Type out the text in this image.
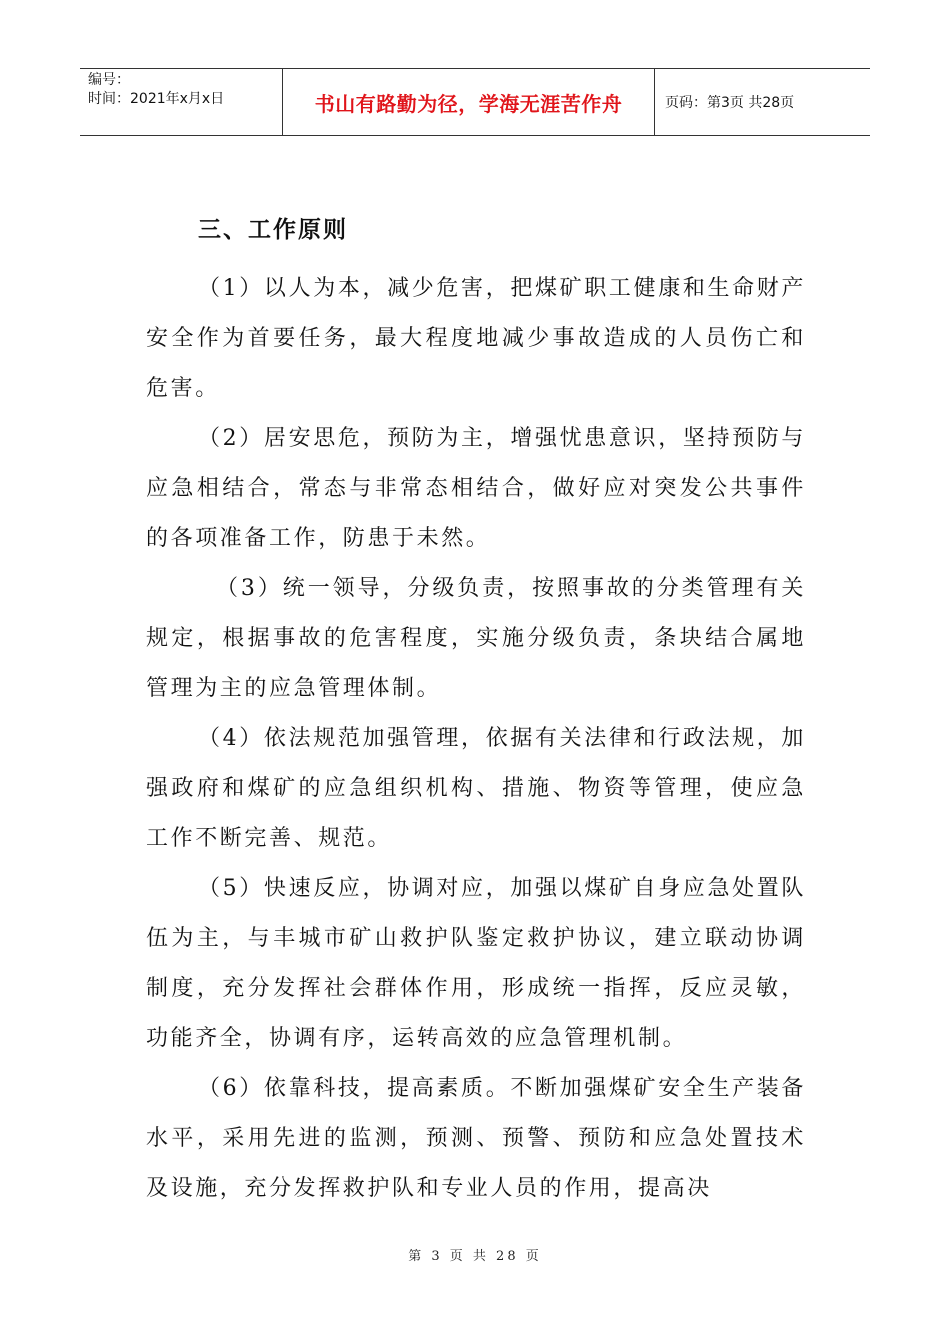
编号：
时间：2021年x月x日	书山有路勤为径，学海无涯苦作舟	页码：第3页 共28页
三、工作原则

（1）以人为本，减少危害，把煤矿职工健康和生命财产安全作为首要任务，最大程度地减少事故造成的人员伤亡和危害。

（2）居安思危，预防为主，增强忧患意识，坚持预防与应急相结合，常态与非常态相结合，做好应对突发公共事件的各项准备工作，防患于未然。

（3）统一领导，分级负责，按照事故的分类管理有关规定，根据事故的危害程度，实施分级负责，条块结合属地管理为主的应急管理体制。

（4）依法规范加强管理，依据有关法律和行政法规，加强政府和煤矿的应急组织机构、措施、物资等管理，使应急工作不断完善、规范。

（5）快速反应，协调对应，加强以煤矿自身应急处置队伍为主，与丰城市矿山救护队鉴定救护协议，建立联动协调制度，充分发挥社会群体作用，形成统一指挥，反应灵敏，功能齐全，协调有序，运转高效的应急管理机制。

（6）依靠科技，提高素质。不断加强煤矿安全生产装备水平，采用先进的监测，预测、预警、预防和应急处置技术及设施，充分发挥救护队和专业人员的作用，提高决

第 3 页 共 28 页
